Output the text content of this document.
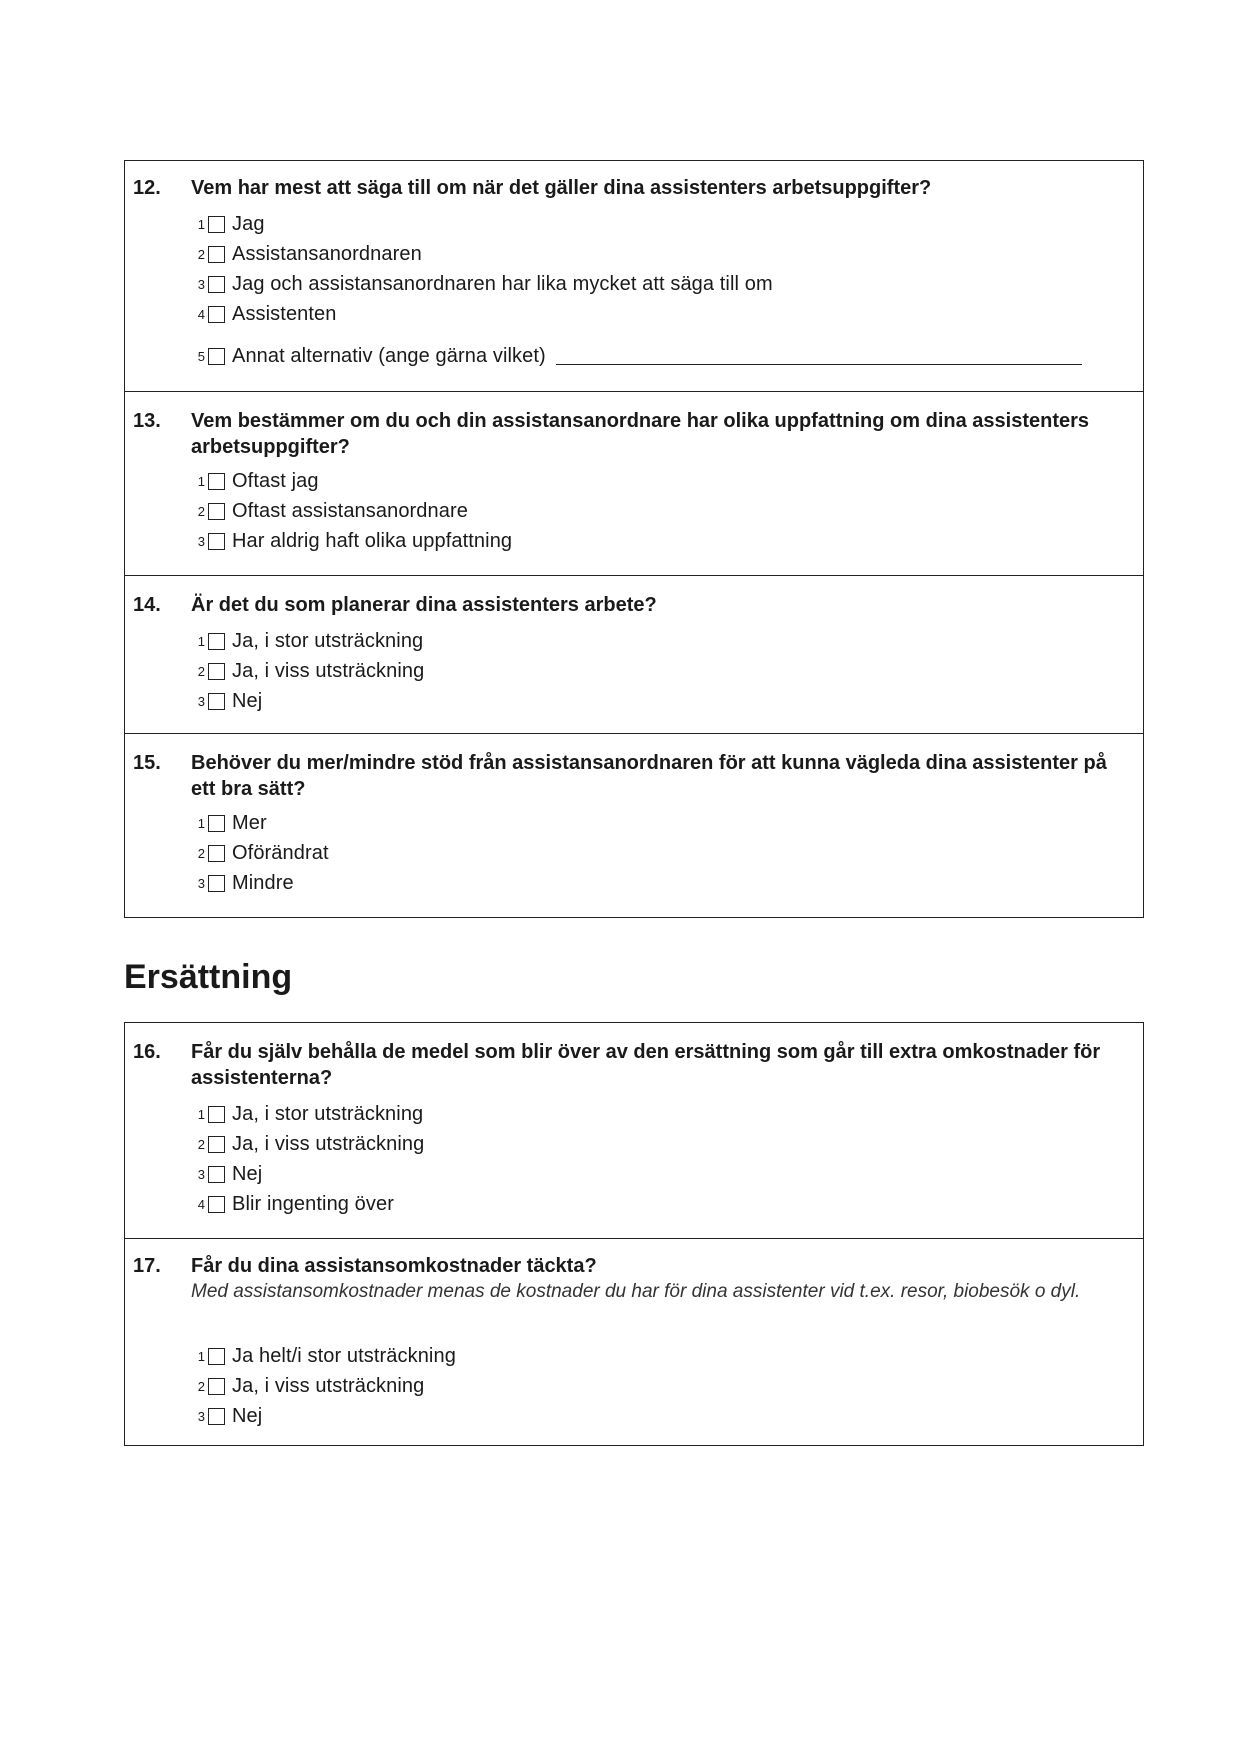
12. Vem har mest att säga till om när det gäller dina assistenters arbetsuppgifter?
1 Jag
2 Assistansanordnaren
3 Jag och assistansanordnaren har lika mycket att säga till om
4 Assistenten
5 Annat alternativ (ange gärna vilket)
13. Vem bestämmer om du och din assistansanordnare har olika uppfattning om dina assistenters arbetsuppgifter?
1 Oftast jag
2 Oftast assistansanordnare
3 Har aldrig haft olika uppfattning
14. Är det du som planerar dina assistenters arbete?
1 Ja, i stor utsträckning
2 Ja, i viss utsträckning
3 Nej
15. Behöver du mer/mindre stöd från assistansanordnaren för att kunna vägleda dina assistenter på ett bra sätt?
1 Mer
2 Oförändrat
3 Mindre
Ersättning
16. Får du själv behålla de medel som blir över av den ersättning som går till extra omkostnader för assistenterna?
1 Ja, i stor utsträckning
2 Ja, i viss utsträckning
3 Nej
4 Blir ingenting över
17. Får du dina assistansomkostnader täckta?
Med assistansomkostnader menas de kostnader du har för dina assistenter vid t.ex. resor, biobesök o dyl.
1 Ja helt/i stor utsträckning
2 Ja, i viss utsträckning
3 Nej
